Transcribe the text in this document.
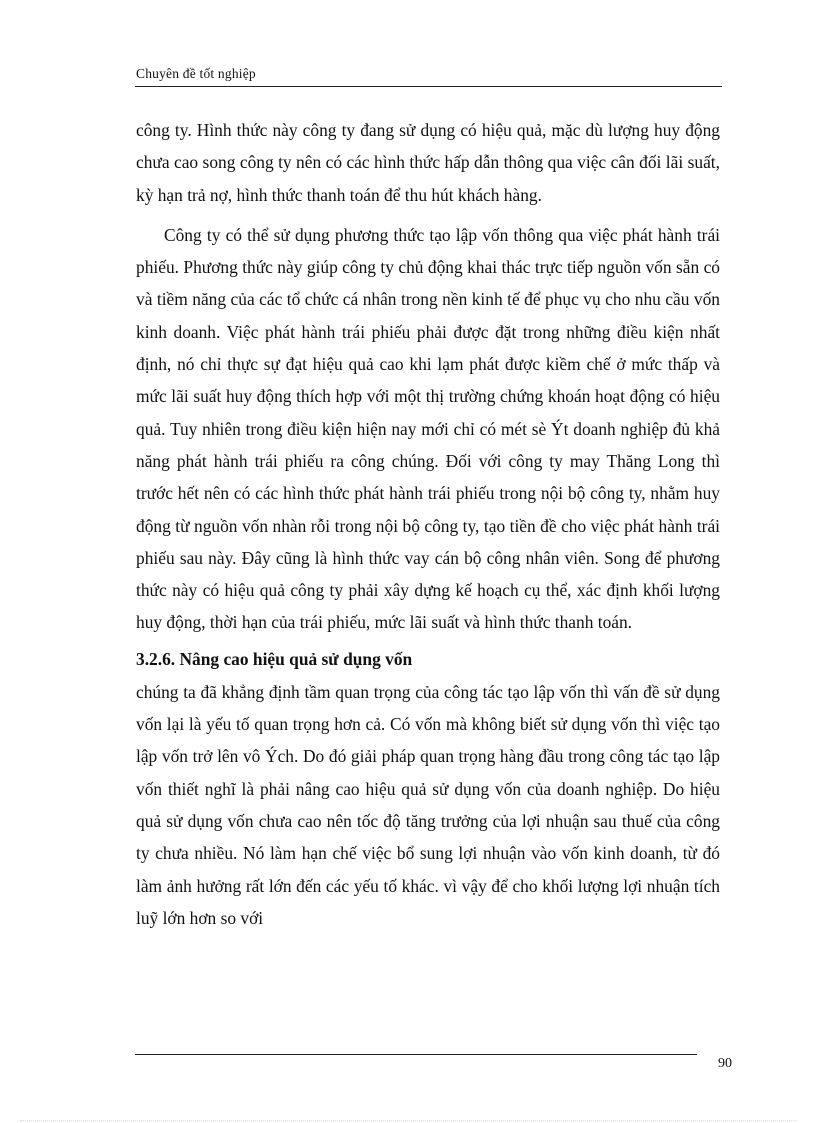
Chuyên đề tốt nghiệp

công ty. Hình thức này công ty đang sử dụng có hiệu quả, mặc dù lượng huy động chưa cao song công ty nên có các hình thức hấp dẫn thông qua việc cân đối lãi suất, kỳ hạn trả nợ, hình thức thanh toán để thu hút khách hàng.

Công ty có thể sử dụng phương thức tạo lập vốn thông qua việc phát hành trái phiếu. Phương thức này giúp công ty chủ động khai thác trực tiếp nguồn vốn sẵn có và tiềm năng của các tổ chức cá nhân trong nền kinh tế để phục vụ cho nhu cầu vốn kinh doanh. Việc phát hành trái phiếu phải được đặt trong những điều kiện nhất định, nó chỉ thực sự đạt hiệu quả cao khi lạm phát được kiềm chế ở mức thấp và mức lãi suất huy động thích hợp với một thị trường chứng khoán hoạt động có hiệu quả. Tuy nhiên trong điều kiện hiện nay mới chỉ có mét sè Ýt doanh nghiệp đủ khả năng phát hành trái phiếu ra công chúng. Đối với công ty may Thăng Long thì trước hết nên có các hình thức phát hành trái phiếu trong nội bộ công ty, nhằm huy động từ nguồn vốn nhàn rỗi trong nội bộ công ty, tạo tiền đề cho việc phát hành trái phiếu sau này. Đây cũng là hình thức vay cán bộ công nhân viên. Song để phương thức này có hiệu quả công ty phải xây dựng kế hoạch cụ thể, xác định khối lượng huy động, thời hạn của trái phiếu, mức lãi suất và hình thức thanh toán.

3.2.6. Nâng cao hiệu quả sử dụng vốn

chúng ta đã khẳng định tầm quan trọng của công tác tạo lập vốn thì vấn đề sử dụng vốn lại là yếu tố quan trọng hơn cả. Có vốn mà không biết sử dụng vốn thì việc tạo lập vốn trở lên vô Ých. Do đó giải pháp quan trọng hàng đầu trong công tác tạo lập vốn thiết nghĩ là phải nâng cao hiệu quả sử dụng vốn của doanh nghiệp. Do hiệu quả sử dụng vốn chưa cao nên tốc độ tăng trưởng của lợi nhuận sau thuế của công ty chưa nhiều. Nó làm hạn chế việc bổ sung lợi nhuận vào vốn kinh doanh, từ đó làm ảnh hưởng rất lớn đến các yếu tố khác. vì vậy để cho khối lượng lợi nhuận tích luỹ lớn hơn so với

90
